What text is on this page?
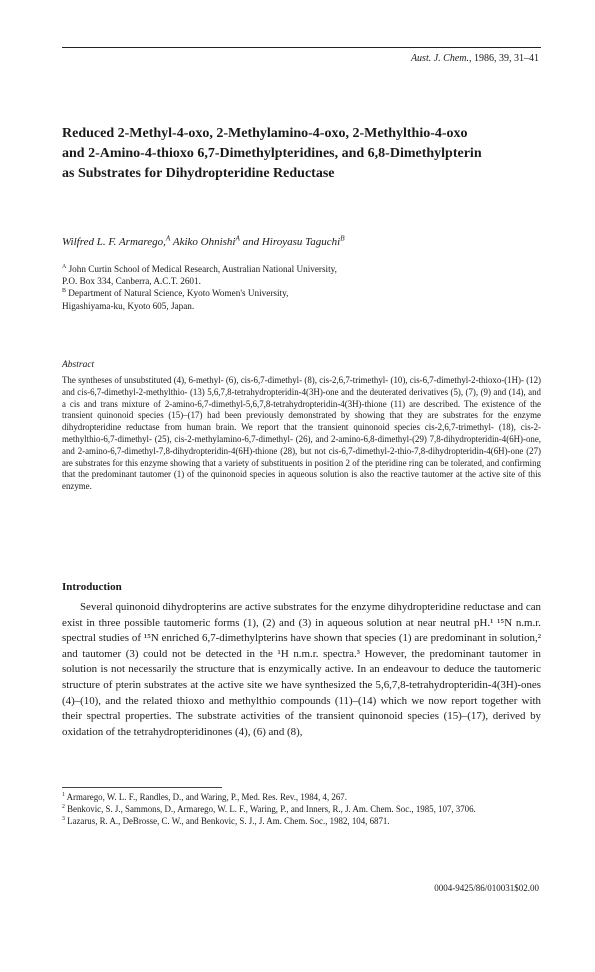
Aust. J. Chem., 1986, 39, 31–41
Reduced 2-Methyl-4-oxo, 2-Methylamino-4-oxo, 2-Methylthio-4-oxo and 2-Amino-4-thioxo 6,7-Dimethylpteridines, and 6,8-Dimethylpterin as Substrates for Dihydropteridine Reductase
Wilfred L. F. Armarego,$^A$ Akiko Ohnishi$^A$ and Hiroyasu Taguchi$^B$
$^A$ John Curtin School of Medical Research, Australian National University,
P.O. Box 334, Canberra, A.C.T. 2601.
$^B$ Department of Natural Science, Kyoto Women's University,
Higashiyama-ku, Kyoto 605, Japan.
Abstract
The syntheses of unsubstituted (4), 6-methyl- (6), cis-6,7-dimethyl- (8), cis-2,6,7-trimethyl- (10), cis-6,7-dimethyl-2-thioxo-(1H)- (12) and cis-6,7-dimethyl-2-methylthio- (13) 5,6,7,8-tetrahydropteridin-4(3H)-one and the deuterated derivatives (5), (7), (9) and (14), and a cis and trans mixture of 2-amino-6,7-dimethyl-5,6,7,8-tetrahydropteridin-4(3H)-thione (11) are described. The existence of the transient quinonoid species (15)–(17) had been previously demonstrated by showing that they are substrates for the enzyme dihydropteridine reductase from human brain. We report that the transient quinonoid species cis-2,6,7-trimethyl- (18), cis-2-methylthio-6,7-dimethyl- (25), cis-2-methylamino-6,7-dimethyl- (26), and 2-amino-6,8-dimethyl-(29) 7,8-dihydropteridin-4(6H)-one, and 2-amino-6,7-dimethyl-7,8-dihydropteridin-4(6H)-thione (28), but not cis-6,7-dimethyl-2-thio-7,8-dihydropteridin-4(6H)-one (27) are substrates for this enzyme showing that a variety of substituents in position 2 of the pteridine ring can be tolerated, and confirming that the predominant tautomer (1) of the quinonoid species in aqueous solution is also the reactive tautomer at the active site of this enzyme.
Introduction

Several quinonoid dihydropterins are active substrates for the enzyme dihydropteridine reductase and can exist in three possible tautomeric forms (1), (2) and (3) in aqueous solution at near neutral pH.¹ ¹⁵N n.m.r. spectral studies of ¹⁵N enriched 6,7-dimethylpterins have shown that species (1) are predominant in solution,² and tautomer (3) could not be detected in the ¹H n.m.r. spectra.³ However, the predominant tautomer in solution is not necessarily the structure that is enzymically active. In an endeavour to deduce the tautomeric structure of pterin substrates at the active site we have synthesized the 5,6,7,8-tetrahydropteridin-4(3H)-ones (4)–(10), and the related thioxo and methylthio compounds (11)–(14) which we now report together with their spectral properties. The substrate activities of the transient quinonoid species (15)–(17), derived by oxidation of the tetrahydropteridinones (4), (6) and (8),

$^1$ Armarego, W. L. F., Randles, D., and Waring, P., Med. Res. Rev., 1984, 4, 267.
$^2$ Benkovic, S. J., Sammons, D., Armarego, W. L. F., Waring, P., and Inners, R., J. Am. Chem. Soc., 1985, 107, 3706.
$^3$ Lazarus, R. A., DeBrosse, C. W., and Benkovic, S. J., J. Am. Chem. Soc., 1982, 104, 6871.
0004-9425/86/010031$02.00
